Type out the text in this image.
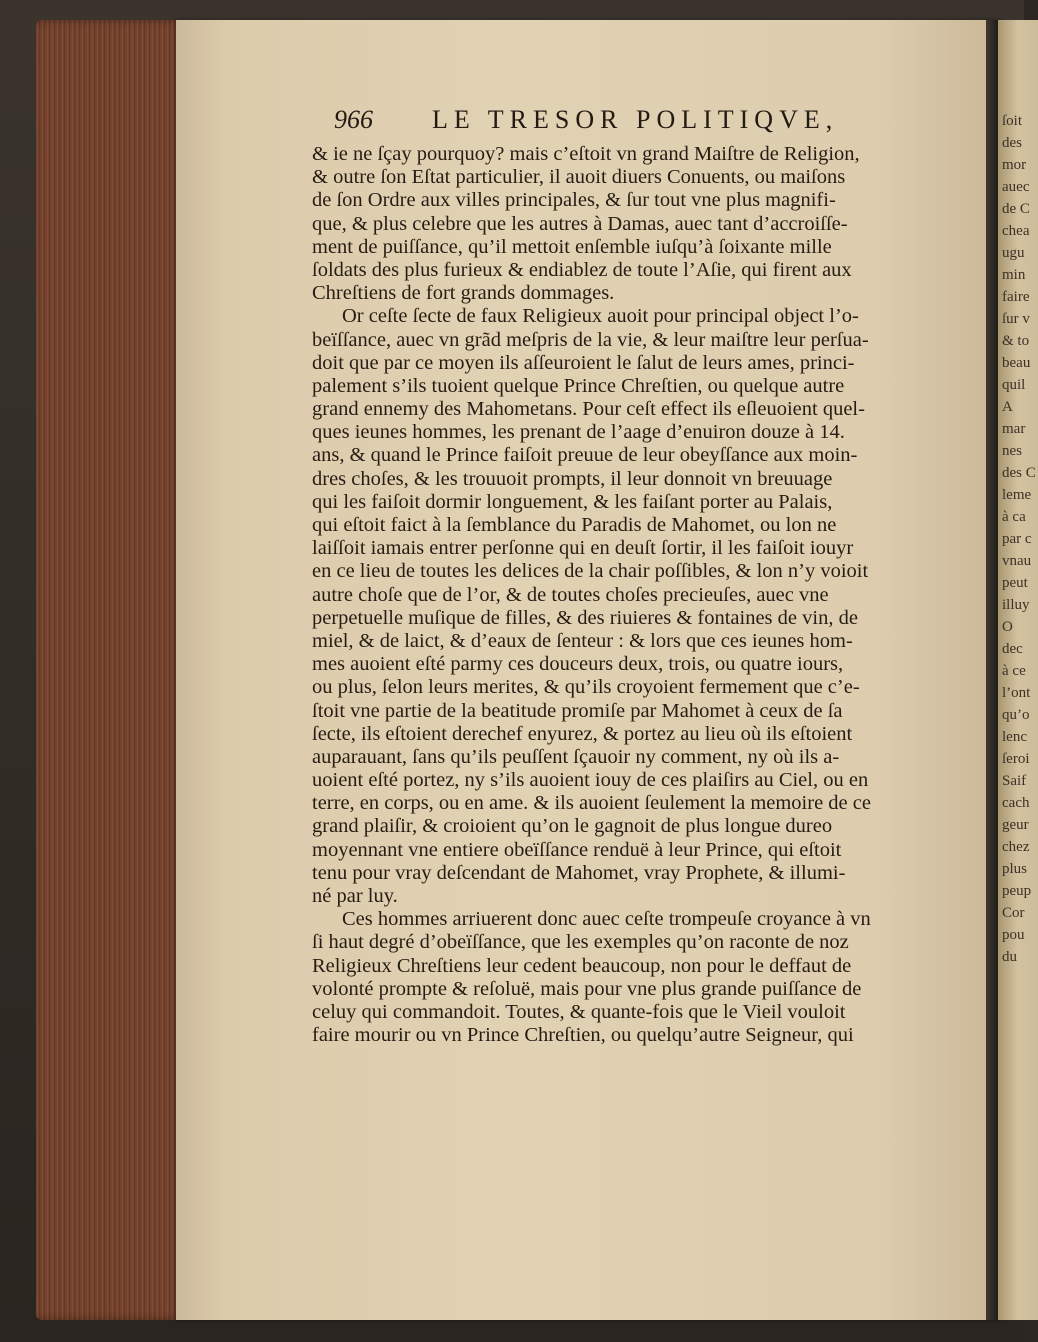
ſoit
des
mor
auec
de C
chea
ugu
min
faire
ſur v
& to
beau
quil
A
mar
nes
des C
leme
à ca
par c
vnau
peut
illuy
O
dec
à ce
l’ont
qu’o
lenc
ſeroi
Saif
cach
geur
chez
plus
peup
Cor
pou
du
966 LE TRESOR POLITIQVE,
& ie ne ſçay pourquoy? mais c’eſtoit vn grand Maiſtre de Religion,
& outre ſon Eſtat particulier, il auoit diuers Conuents, ou maiſons
de ſon Ordre aux villes principales, & ſur tout vne plus magnifi-
que, & plus celebre que les autres à Damas, auec tant d’accroiſſe-
ment de puiſſance, qu’il mettoit enſemble iuſqu’à ſoixante mille
ſoldats des plus furieux & endiablez de toute l’Aſie, qui firent aux
Chreſtiens de fort grands dommages.
Or ceſte ſecte de faux Religieux auoit pour principal object l’o-
beïſſance, auec vn grãd meſpris de la vie, & leur maiſtre leur perſua-
doit que par ce moyen ils aſſeuroient le ſalut de leurs ames, princi-
palement s’ils tuoient quelque Prince Chreſtien, ou quelque autre
grand ennemy des Mahometans. Pour ceſt effect ils eſleuoient quel-
ques ieunes hommes, les prenant de l’aage d’enuiron douze à 14.
ans, & quand le Prince faiſoit preuue de leur obeyſſance aux moin-
dres choſes, & les trouuoit prompts, il leur donnoit vn breuuage
qui les faiſoit dormir longuement, & les faiſant porter au Palais,
qui eſtoit faict à la ſemblance du Paradis de Mahomet, ou lon ne
laiſſoit iamais entrer perſonne qui en deuſt ſortir, il les faiſoit iouyr
en ce lieu de toutes les delices de la chair poſſibles, & lon n’y voioit
autre choſe que de l’or, & de toutes choſes precieuſes, auec vne
perpetuelle muſique de filles, & des riuieres & fontaines de vin, de
miel, & de laict, & d’eaux de ſenteur : & lors que ces ieunes hom-
mes auoient eſté parmy ces douceurs deux, trois, ou quatre iours,
ou plus, ſelon leurs merites, & qu’ils croyoient fermement que c’e-
ſtoit vne partie de la beatitude promiſe par Mahomet à ceux de ſa
ſecte, ils eſtoient derechef enyurez, & portez au lieu où ils eſtoient
auparauant, ſans qu’ils peuſſent ſçauoir ny comment, ny où ils a-
uoient eſté portez, ny s’ils auoient iouy de ces plaiſirs au Ciel, ou en
terre, en corps, ou en ame. & ils auoient ſeulement la memoire de ce
grand plaiſir, & croioient qu’on le gagnoit de plus longue dureo
moyennant vne entiere obeïſſance renduë à leur Prince, qui eſtoit
tenu pour vray deſcendant de Mahomet, vray Prophete, & illumi-
né par luy.
Ces hommes arriuerent donc auec ceſte trompeuſe croyance à vn
ſi haut degré d’obeïſſance, que les exemples qu’on raconte de noz
Religieux Chreſtiens leur cedent beaucoup, non pour le deffaut de
volonté prompte & reſoluë, mais pour vne plus grande puiſſance de
celuy qui commandoit. Toutes, & quante-fois que le Vieil vouloit
faire mourir ou vn Prince Chreſtien, ou quelqu’autre Seigneur, qui
